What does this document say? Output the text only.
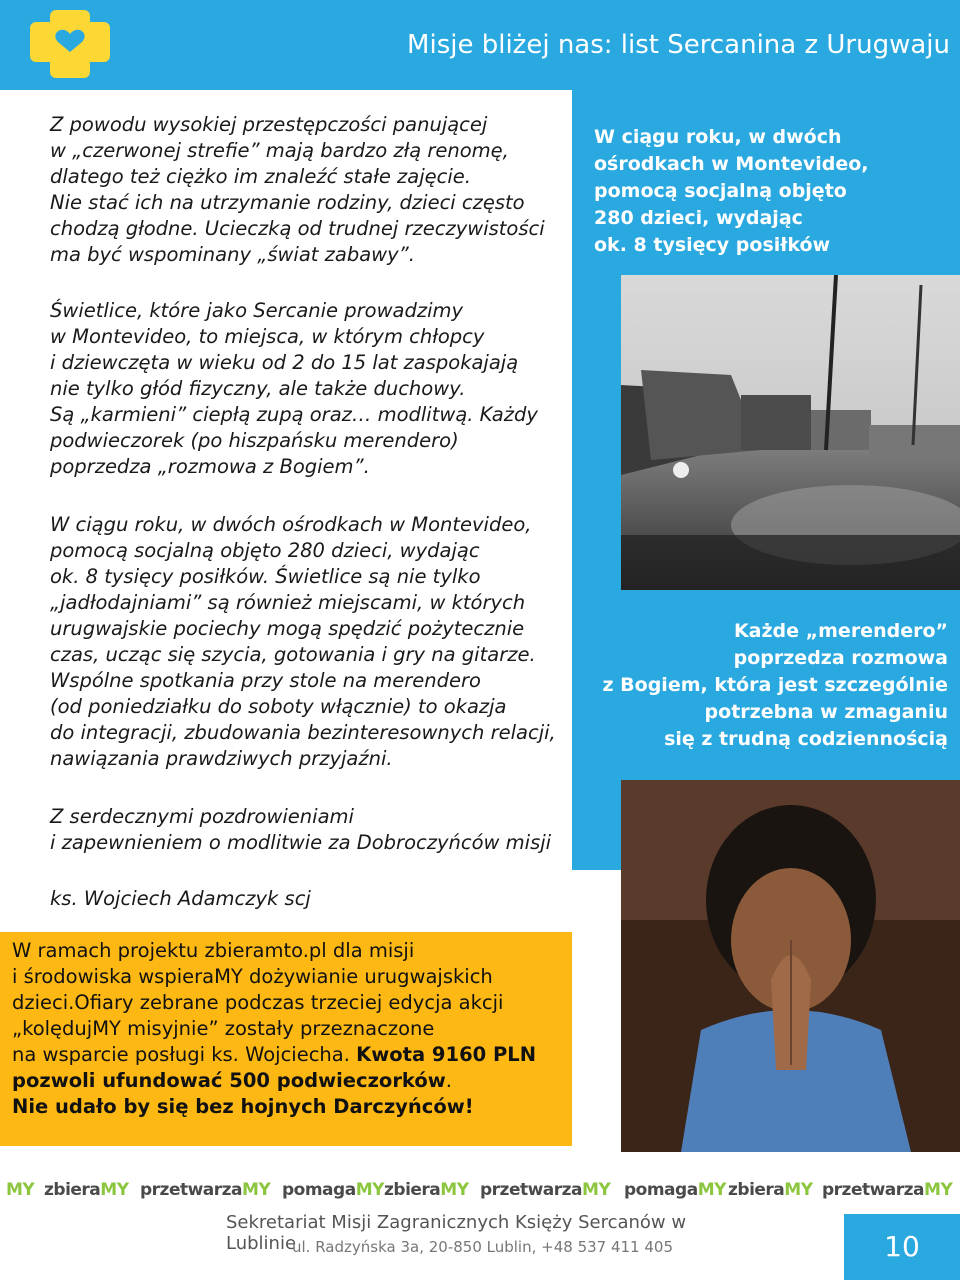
Misje bliżej nas: list Sercanina z Urugwaju
W ciągu roku, w dwóch
ośrodkach w Montevideo,
pomocą socjalną objęto
280 dzieci, wydając
ok. 8 tysięcy posiłków
Każde „merendero”
poprzedza rozmowa
z Bogiem, która jest szczególnie
potrzebna w zmaganiu
się z trudną codziennością
Z powodu wysokiej przestępczości panującej
w „czerwonej strefie” mają bardzo złą renomę,
dlatego też ciężko im znaleźć stałe zajęcie.
Nie stać ich na utrzymanie rodziny, dzieci często
chodzą głodne. Ucieczką od trudnej rzeczywistości
ma być wspominany „świat zabawy”.
Świetlice, które jako Sercanie prowadzimy
w Montevideo, to miejsca, w którym chłopcy
i dziewczęta w wieku od 2 do 15 lat zaspokajają
nie tylko głód fizyczny, ale także duchowy.
Są „karmieni” ciepłą zupą oraz… modlitwą. Każdy
podwieczorek (po hiszpańsku merendero)
poprzedza „rozmowa z Bogiem”.
W ciągu roku, w dwóch ośrodkach w Montevideo,
pomocą socjalną objęto 280 dzieci, wydając
ok. 8 tysięcy posiłków. Świetlice są nie tylko
„jadłodajniami” są również miejscami, w których
urugwajskie pociechy mogą spędzić pożytecznie
czas, ucząc się szycia, gotowania i gry na gitarze.
Wspólne spotkania przy stole na merendero
(od poniedziałku do soboty włącznie) to okazja
do integracji, zbudowania bezinteresownych relacji,
nawiązania prawdziwych przyjaźni.
Z serdecznymi pozdrowieniami
i zapewnieniem o modlitwie za Dobroczyńców misji
ks. Wojciech Adamczyk scj
W ramach projektu zbieramto.pl dla misji
i środowiska wspieraMY dożywianie urugwajskich
dzieci.Ofiary zebrane podczas trzeciej edycja akcji
„kolędujMY misyjnie” zostały przeznaczone
na wsparcie posługi ks. Wojciecha. Kwota 9160 PLN
pozwoli ufundować 500 podwieczorków.
Nie udało by się bez hojnych Darczyńców!
MY zbieraMY przetwarzaMY pomagaMY zbieraMY przetwarzaMY pomagaMY zbieraMY przetwarzaMY
Sekretariat Misji Zagranicznych Księży Sercanów w Lublinie
ul. Radzyńska 3a, 20-850 Lublin, +48 537 411 405	10
